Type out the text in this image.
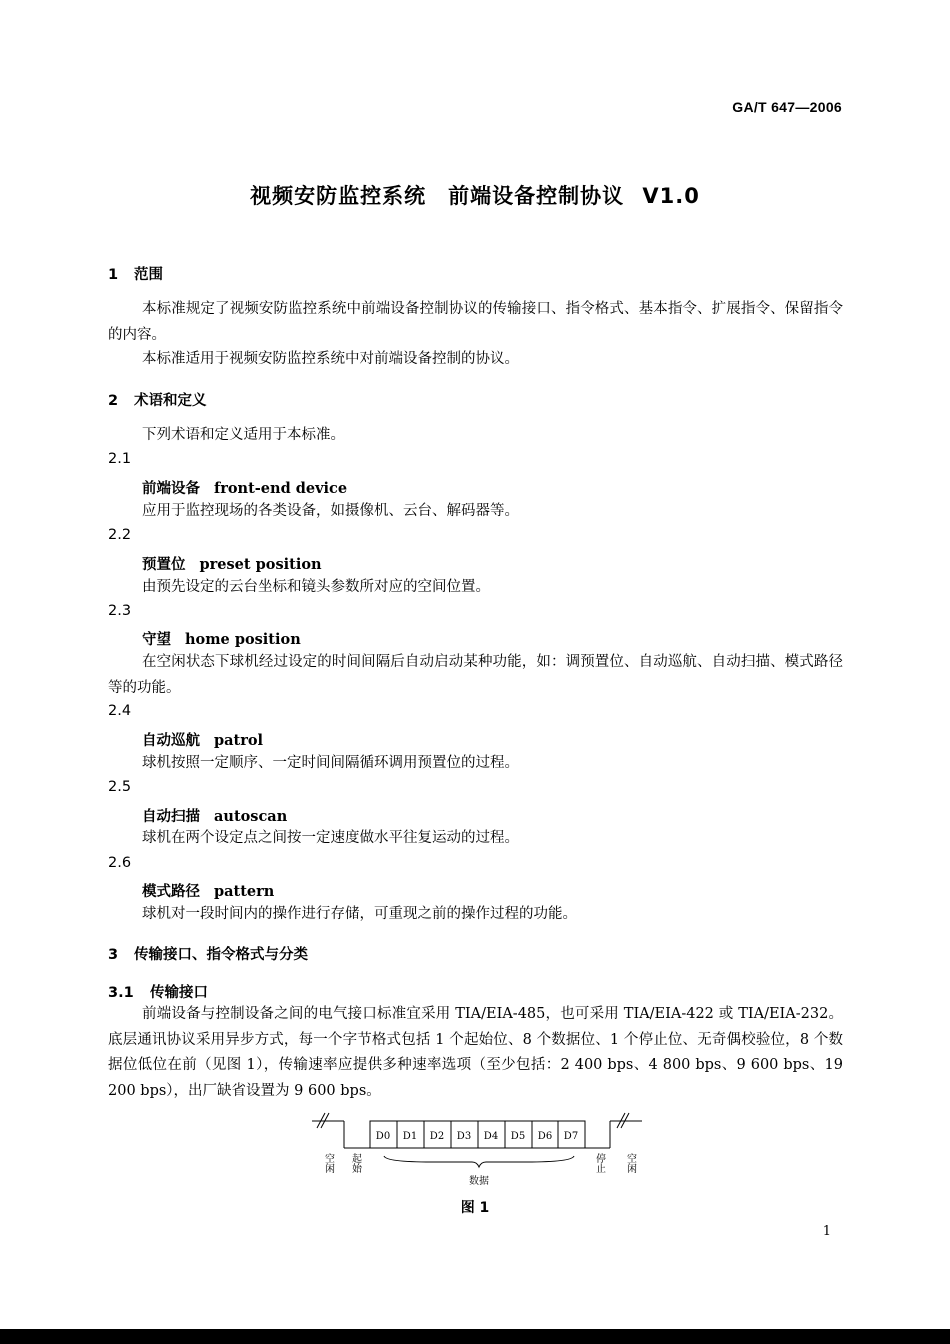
GA/T 647—2006
视频安防监控系统　前端设备控制协议 V1.0
1 范围
本标准规定了视频安防监控系统中前端设备控制协议的传输接口、指令格式、基本指令、扩展指令、保留指令的内容。
本标准适用于视频安防监控系统中对前端设备控制的协议。
2 术语和定义
下列术语和定义适用于本标准。
2.1
前端设备 front-end device
应用于监控现场的各类设备，如摄像机、云台、解码器等。
2.2
预置位 preset position
由预先设定的云台坐标和镜头参数所对应的空间位置。
2.3
守望 home position
在空闲状态下球机经过设定的时间间隔后自动启动某种功能，如：调预置位、自动巡航、自动扫描、模式路径等的功能。
2.4
自动巡航 patrol
球机按照一定顺序、一定时间间隔循环调用预置位的过程。
2.5
自动扫描 autoscan
球机在两个设定点之间按一定速度做水平往复运动的过程。
2.6
模式路径 pattern
球机对一段时间内的操作进行存储，可重现之前的操作过程的功能。
3 传输接口、指令格式与分类
3.1 传输接口
前端设备与控制设备之间的电气接口标准宜采用 TIA/EIA-485，也可采用 TIA/EIA-422 或 TIA/EIA-232。底层通讯协议采用异步方式，每一个字节格式包括 1 个起始位、8 个数据位、1 个停止位、无奇偶校验位，8 个数据位低位在前（见图 1），传输速率应提供多种速率选项（至少包括：2 400 bps、4 800 bps、9 600 bps、19 200 bps），出厂缺省设置为 9 600 bps。
D0 D1 D2 D3 D4 D5 D6 D7
空闲 起始
数据
停止 空闲
图 1
1
